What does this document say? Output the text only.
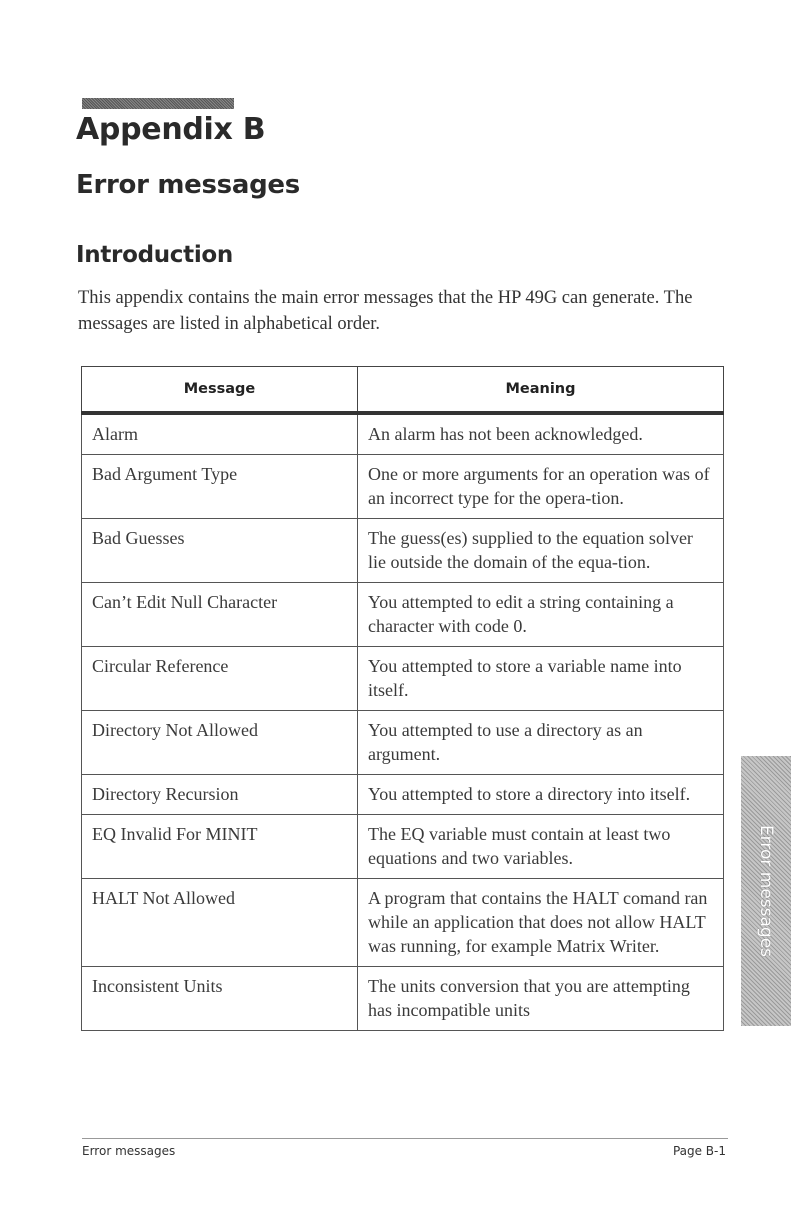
Appendix B
Error messages
Introduction

This appendix contains the main error messages that the HP 49G can generate. The messages are listed in alphabetical order.

Message	Meaning
Alarm	An alarm has not been acknowledged.
Bad Argument Type	One or more arguments for an operation was of an incorrect type for the opera-tion.
Bad Guesses	The guess(es) supplied to the equation solver lie outside the domain of the equa-tion.
Can’t Edit Null Character	You attempted to edit a string containing a character with code 0.
Circular Reference	You attempted to store a variable name into itself.
Directory Not Allowed	You attempted to use a directory as an argument.
Directory Recursion	You attempted to store a directory into itself.
EQ Invalid For MINIT	The EQ variable must contain at least two equations and two variables.
HALT Not Allowed	A program that contains the HALT comand ran while an application that does not allow HALT was running, for example Matrix Writer.
Inconsistent Units	The units conversion that you are attempting has incompatible units
Error messages
Error messages	Page B-1
